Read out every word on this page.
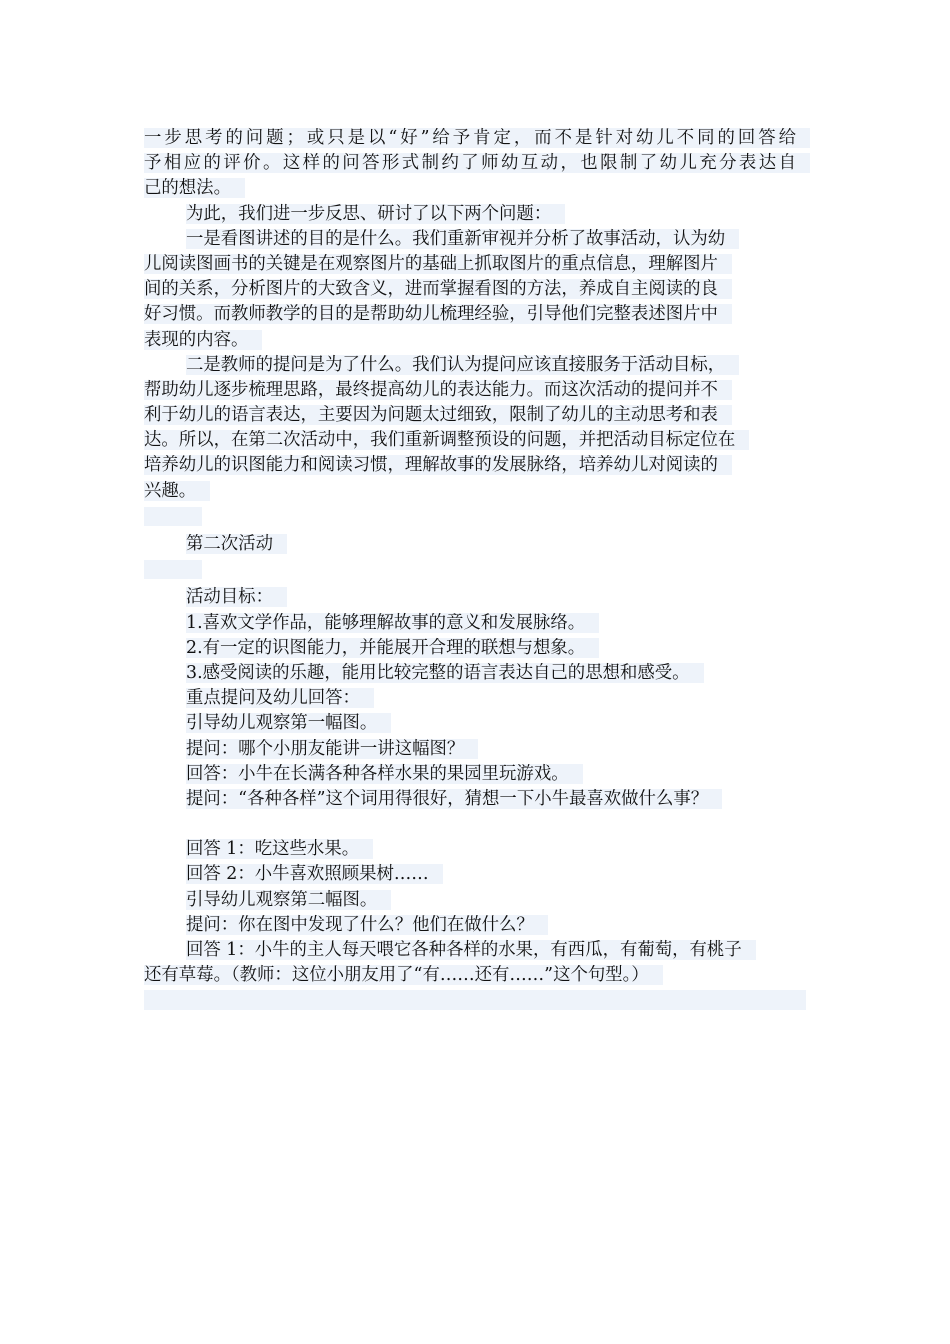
一步思考的问题；或只是以“好”给予肯定，而不是针对幼儿不同的回答给
予相应的评价。这样的问答形式制约了师幼互动，也限制了幼儿充分表达自
己的想法。
为此，我们进一步反思、研讨了以下两个问题：
一是看图讲述的目的是什么。我们重新审视并分析了故事活动，认为幼
儿阅读图画书的关键是在观察图片的基础上抓取图片的重点信息，理解图片
间的关系，分析图片的大致含义，进而掌握看图的方法，养成自主阅读的良
好习惯。而教师教学的目的是帮助幼儿梳理经验，引导他们完整表述图片中
表现的内容。
二是教师的提问是为了什么。我们认为提问应该直接服务于活动目标，
帮助幼儿逐步梳理思路，最终提高幼儿的表达能力。而这次活动的提问并不
利于幼儿的语言表达，主要因为问题太过细致，限制了幼儿的主动思考和表
达。所以，在第二次活动中，我们重新调整预设的问题，并把活动目标定位在
培养幼儿的识图能力和阅读习惯，理解故事的发展脉络，培养幼儿对阅读的
兴趣。
第二次活动
活动目标：
1.喜欢文学作品，能够理解故事的意义和发展脉络。
2.有一定的识图能力，并能展开合理的联想与想象。
3.感受阅读的乐趣，能用比较完整的语言表达自己的思想和感受。
重点提问及幼儿回答：
引导幼儿观察第一幅图。
提问：哪个小朋友能讲一讲这幅图？
回答：小牛在长满各种各样水果的果园里玩游戏。
提问：“各种各样”这个词用得很好，猜想一下小牛最喜欢做什么事？
回答 1：吃这些水果。
回答 2：小牛喜欢照顾果树……
引导幼儿观察第二幅图。
提问：你在图中发现了什么？他们在做什么？
回答 1：小牛的主人每天喂它各种各样的水果，有西瓜，有葡萄，有桃子
还有草莓。（教师：这位小朋友用了“有……还有……”这个句型。）
